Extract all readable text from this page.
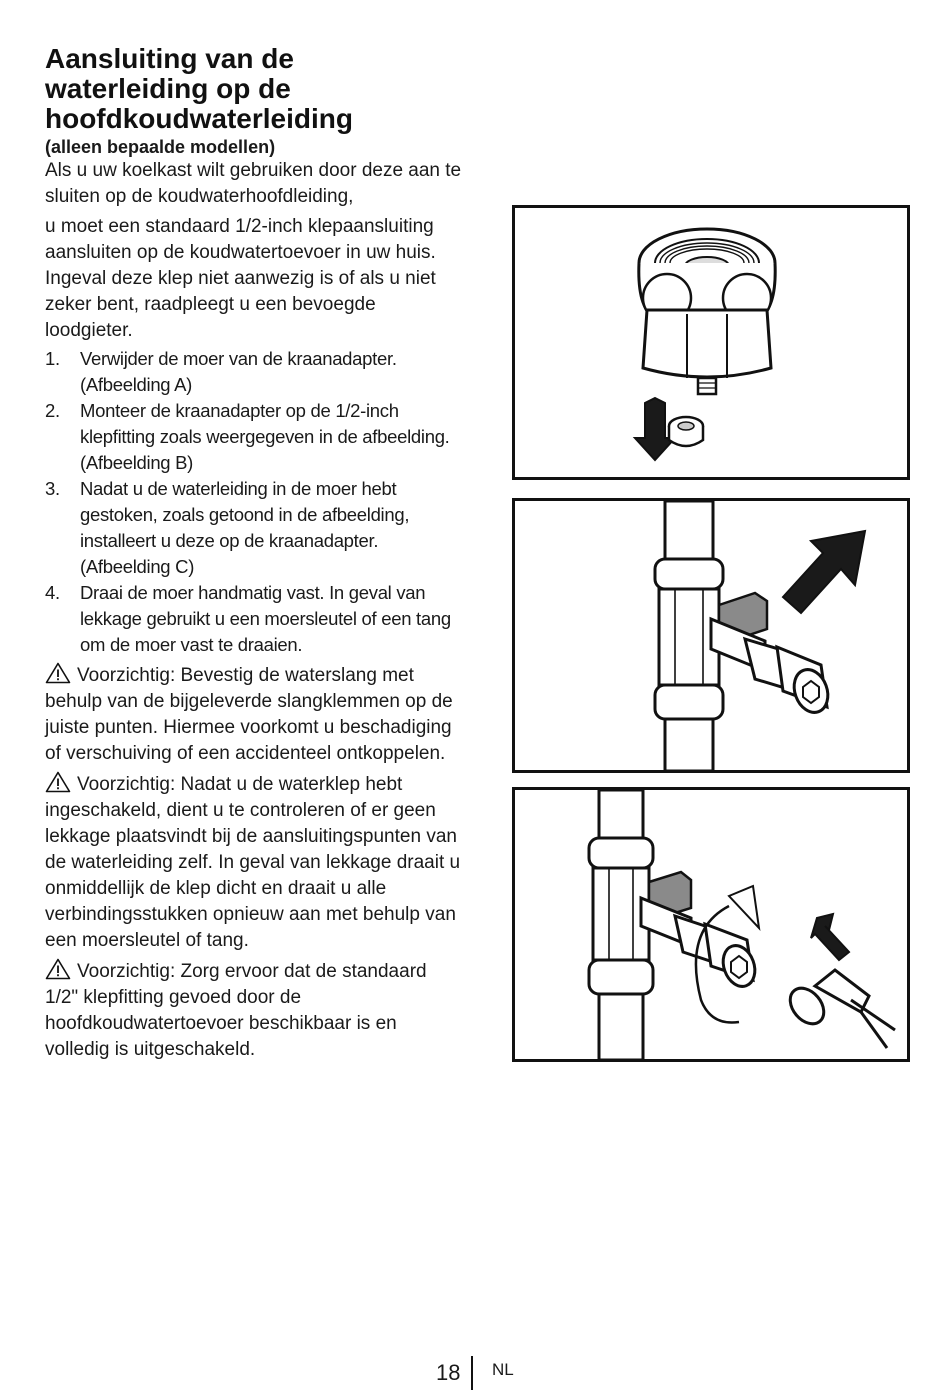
Aansluiting van de
waterleiding op de
hoofdkoudwaterleiding

(alleen bepaalde modellen)

Als u uw koelkast wilt gebruiken door deze aan te sluiten op de koudwaterhoofdleiding,

u moet een standaard 1/2-inch klepaansluiting aansluiten op de koudwatertoevoer in uw huis. Ingeval deze klep niet aanwezig is of als u niet zeker bent, raadpleegt u een bevoegde loodgieter.

1.	Verwijder de moer van de kraanadapter. (Afbeelding A)
2.	Monteer de kraanadapter op de 1/2-inch klepfitting zoals weergegeven in de afbeelding. (Afbeelding B)
3.	Nadat u de waterleiding in de moer hebt gestoken, zoals getoond in de afbeelding, installeert u deze op de kraanadapter. (Afbeelding C)
4.	Draai de moer handmatig vast. In geval van lekkage gebruikt u een moersleutel of een tang om de moer vast te draaien.

Voorzichtig: Bevestig de waterslang met behulp van de bijgeleverde slangklemmen op de juiste punten. Hiermee voorkomt u beschadiging of verschuiving of een accidenteel ontkoppelen.

Voorzichtig: Nadat u de waterklep hebt ingeschakeld, dient u te controleren of er geen lekkage plaatsvindt bij de aansluitingspunten van de waterleiding zelf. In geval van lekkage draait u onmiddellijk de klep dicht en draait u alle verbindingsstukken opnieuw aan met behulp van een moersleutel of tang.

Voorzichtig: Zorg ervoor dat de standaard 1/2" klepfitting gevoed door de hoofdkoudwatertoevoer beschikbaar is en volledig is uitgeschakeld.

18 NL
